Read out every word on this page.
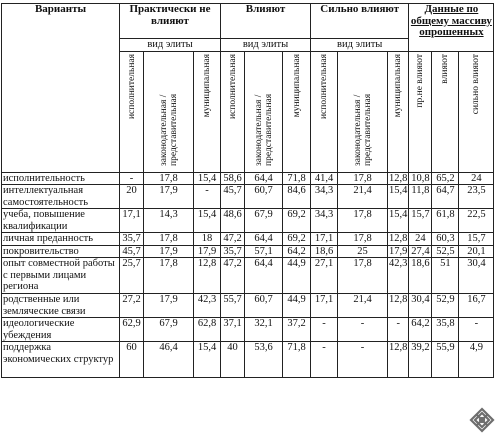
Варианты	Практически не влияют			Влияют			Сильно влияют			Данные по общему массиву опрошенных		
	вид элиты			вид элиты			вид элиты					
	исполнительная	законодательная / представительная	муниципальная	исполнительная	законодательная / представительная	муниципальная	исполнительная	законодательная / представительная	муниципальная	пр.не влияют	влияют	сильно влияют
исполнительность	-	17,8	15,4	58,6	64,4	71,8	41,4	17,8	12,8	10,8	65,2	24
интеллектуальная самостоятельность	20	17,9	-	45,7	60,7	84,6	34,3	21,4	15,4	11,8	64,7	23,5
учеба, повышение квалификации	17,1	14,3	15,4	48,6	67,9	69,2	34,3	17,8	15,4	15,7	61,8	22,5
личная преданность	35,7	17,8	18	47,2	64,4	69,2	17,1	17,8	12,8	24	60,3	15,7
покровительство	45,7	17,9	17,9	35,7	57,1	64,2	18,6	25	17,9	27,4	52,5	20,1
опыт совместной работы с первыми лицами региона	25,7	17,8	12,8	47,2	64,4	44,9	27,1	17,8	42,3	18,6	51	30,4
родственные или земляческие связи	27,2	17,9	42,3	55,7	60,7	44,9	17,1	21,4	12,8	30,4	52,9	16,7
идеологические убеждения	62,9	67,9	62,8	37,1	32,1	37,2	-	-	-	64,2	35,8	-
поддержка экономических структур	60	46,4	15,4	40	53,6	71,8	-	-	12,8	39,2	55,9	4,9
